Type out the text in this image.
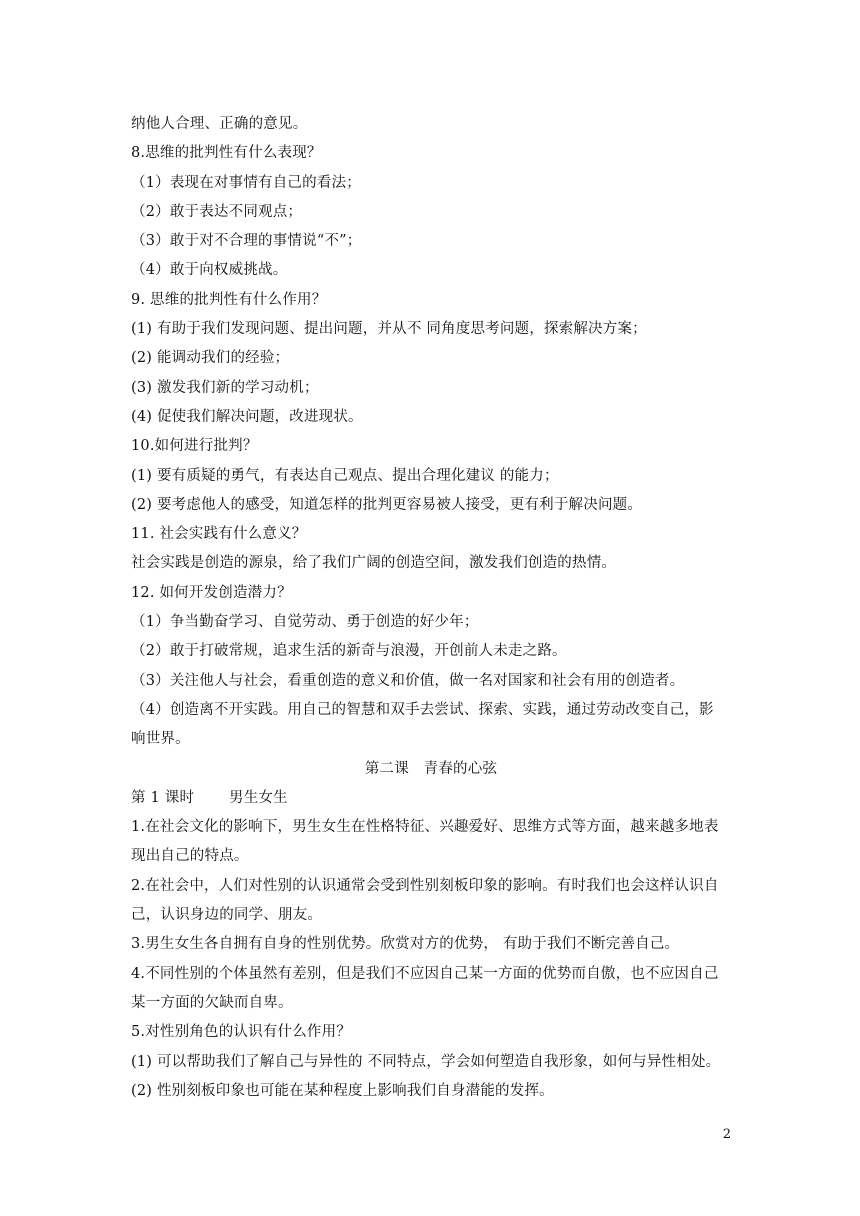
纳他人合理、正确的意见。
8.思维的批判性有什么表现？
（1）表现在对事情有自己的看法；
（2）敢于表达不同观点；
（3）敢于对不合理的事情说“不”；
（4）敢于向权威挑战。
9. 思维的批判性有什么作用？
(1) 有助于我们发现问题、提出问题，并从不 同角度思考问题，探索解决方案；
(2) 能调动我们的经验；
(3) 激发我们新的学习动机；
(4) 促使我们解决问题，改进现状。
10.如何进行批判？
(1) 要有质疑的勇气，有表达自己观点、提出合理化建议 的能力；
(2) 要考虑他人的感受，知道怎样的批判更容易被人接受，更有利于解决问题。
11. 社会实践有什么意义？
社会实践是创造的源泉，给了我们广阔的创造空间，激发我们创造的热情。
12. 如何开发创造潜力？
（1）争当勤奋学习、自觉劳动、勇于创造的好少年；
（2）敢于打破常规，追求生活的新奇与浪漫，开创前人未走之路。
（3）关注他人与社会，看重创造的意义和价值，做一名对国家和社会有用的创造者。
（4）创造离不开实践。用自己的智慧和双手去尝试、探索、实践，通过劳动改变自己，影
响世界。
第二课　青春的心弦
第 1 课时 男生女生
1.在社会文化的影响下，男生女生在性格特征、兴趣爱好、思维方式等方面，越来越多地表
现出自己的特点。
2.在社会中，人们对性别的认识通常会受到性别刻板印象的影响。有时我们也会这样认识自
己，认识身边的同学、朋友。
3.男生女生各自拥有自身的性别优势。欣赏对方的优势， 有助于我们不断完善自己。
4.不同性别的个体虽然有差别，但是我们不应因自己某一方面的优势而自傲，也不应因自己
某一方面的欠缺而自卑。
5.对性别角色的认识有什么作用？
(1) 可以帮助我们了解自己与异性的 不同特点，学会如何塑造自我形象，如何与异性相处。
(2) 性别刻板印象也可能在某种程度上影响我们自身潜能的发挥。
2
